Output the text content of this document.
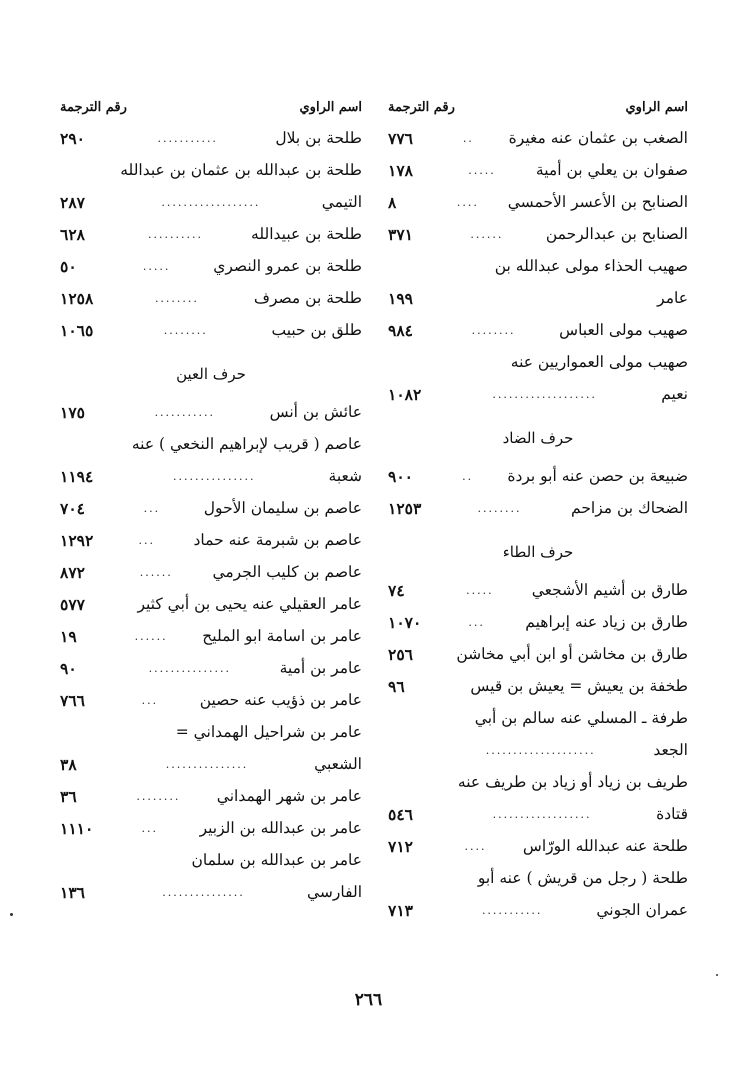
اسم الراوي
رقم الترجمة
الصغب بن عثمان عنه مغيرة
..
٧٧٦
صفوان بن يعلي بن أمية
.....
١٧٨
الصنابح بن الأعسر الأحمسي
....
٨
الصنابح بن عبدالرحمن
......
٣٧١
صهيب الحذاء مولى عبدالله بن
عامر
١٩٩
صهيب مولى العباس
........
٩٨٤
صهيب مولى العمواريين عنه
نعيم
...................
١٠٨٢
حرف الضاد
ضبيعة بن حصن عنه أبو بردة
..
٩٠٠
الضحاك بن مزاحم
........
١٢٥٣
حرف الطاء
طارق بن أشيم الأشجعي
.....
٧٤
طارق بن زياد عنه إبراهيم
...
١٠٧٠
طارق بن مخاشن أو ابن أبي مخاشن
٢٥٦
طخفة بن يعيش = يعيش بن قيس
٩٦
طرفة ـ المسلي عنه سالم بن أبي
الجعد
....................
طريف بن زياد أو زياد بن طريف عنه
قتادة
..................
٥٤٦
طلحة عنه عبدالله الورّاس
....
٧١٢
طلحة ( رجل من قريش ) عنه أبو
عمران الجوني
...........
٧١٣
اسم الراوي
رقم الترجمة
طلحة بن بلال
...........
٢٩٠
طلحة بن عبدالله بن عثمان بن عبدالله
التيمي
..................
٢٨٧
طلحة بن عبيدالله
..........
٦٢٨
طلحة بن عمرو النصري
.....
٥٠
طلحة بن مصرف
........
١٢٥٨
طلق بن حبيب
........
١٠٦٥
حرف العين
عائش بن أنس
...........
١٧٥
عاصم ( قريب لإبراهيم النخعي ) عنه
شعبة
...............
١١٩٤
عاصم بن سليمان الأحول
...
٧٠٤
عاصم بن شبرمة عنه حماد
...
١٢٩٢
عاصم بن كليب الجرمي
......
٨٧٢
عامر العقيلي عنه يحيى بن أبي كثير
٥٧٧
عامر بن اسامة ابو المليح
......
١٩
عامر بن أمية
...............
٩٠
عامر بن ذؤيب عنه حصين
...
٧٦٦
عامر بن شراحيل الهمداني =
الشعبي
...............
٣٨
عامر بن شهر الهمداني
........
٣٦
عامر بن عبدالله بن الزبير
...
١١١٠
عامر بن عبدالله بن سلمان
الفارسي
...............
١٣٦
٢٦٦
